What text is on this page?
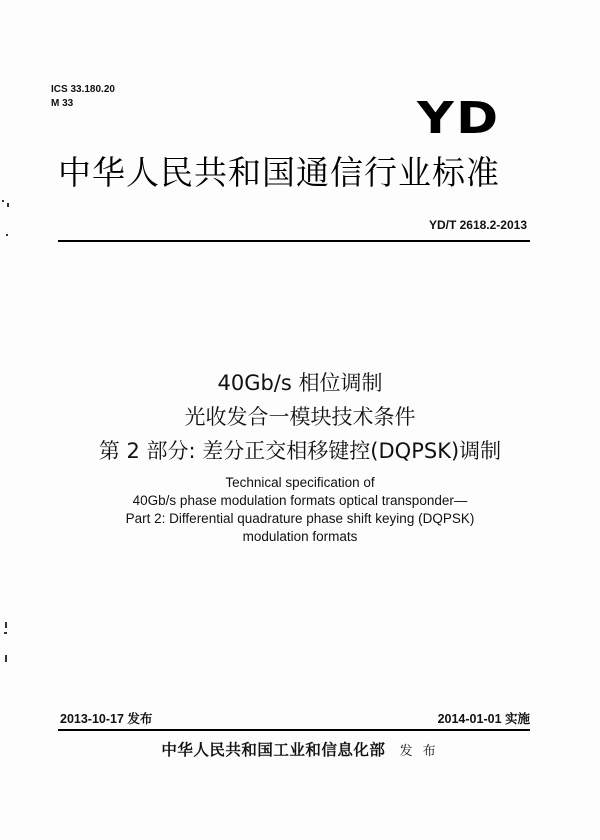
ICS 33.180.20
M 33	YD
中华人民共和国通信行业标准
YD/T 2618.2-2013
40Gb/s 相位调制
光收发合一模块技术条件
第 2 部分: 差分正交相移键控(DQPSK)调制
Technical specification of
40Gb/s phase modulation formats optical transponder—
Part 2: Differential quadrature phase shift keying (DQPSK)
modulation formats
2013-10-17 发布	2014-01-01 实施
中华人民共和国工业和信息化部 发 布
